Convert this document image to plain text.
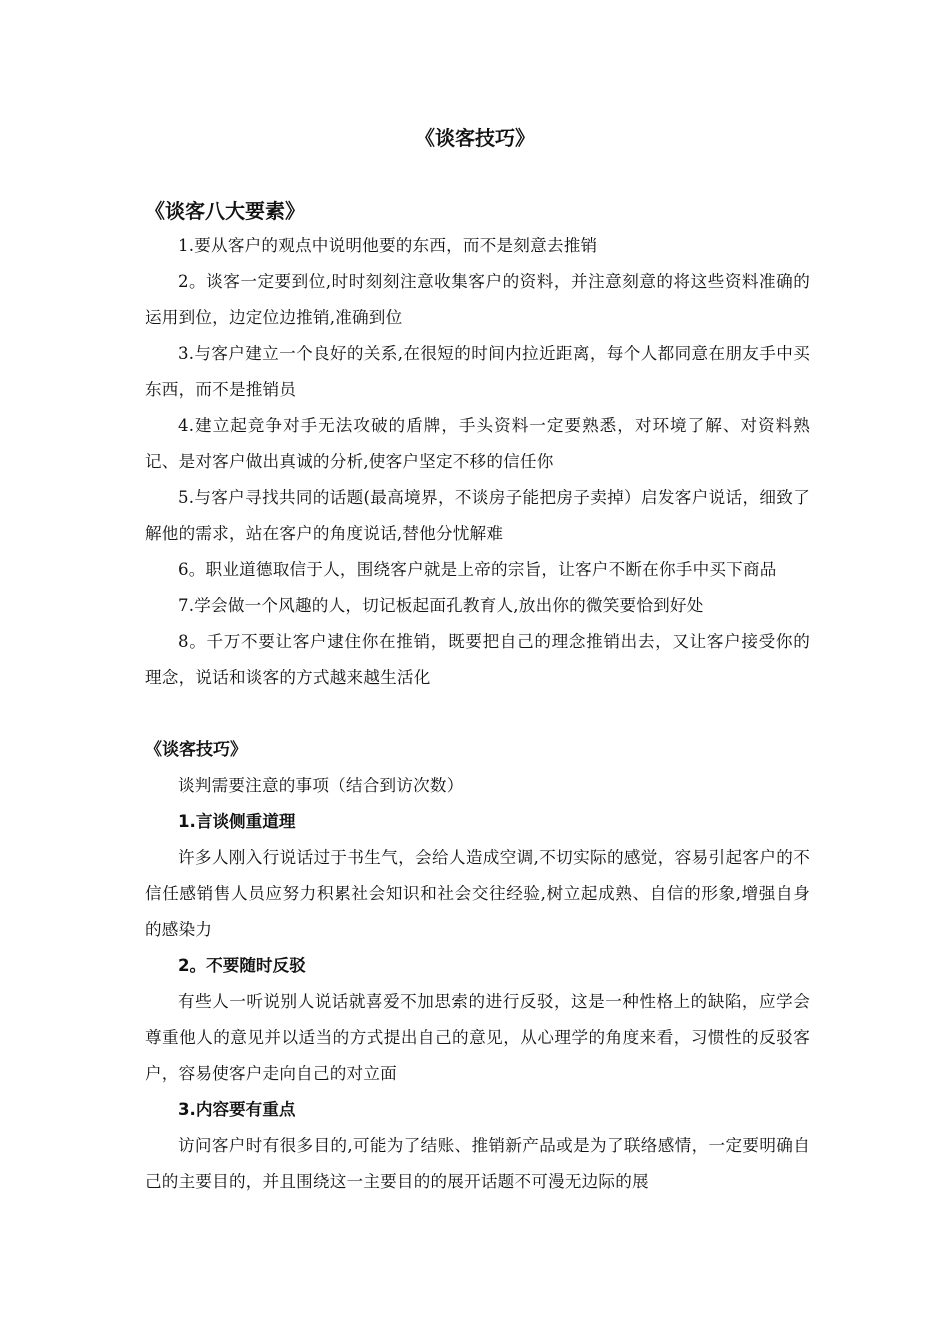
《谈客技巧》
《谈客八大要素》

1.要从客户的观点中说明他要的东西，而不是刻意去推销

2。谈客一定要到位,时时刻刻注意收集客户的资料，并注意刻意的将这些资料准确的运用到位，边定位边推销,准确到位

3.与客户建立一个良好的关系,在很短的时间内拉近距离，每个人都同意在朋友手中买东西，而不是推销员

4.建立起竞争对手无法攻破的盾牌，手头资料一定要熟悉，对环境了解、对资料熟记、是对客户做出真诚的分析,使客户坚定不移的信任你

5.与客户寻找共同的话题(最高境界，不谈房子能把房子卖掉）启发客户说话，细致了解他的需求，站在客户的角度说话,替他分忧解难

6。职业道德取信于人，围绕客户就是上帝的宗旨，让客户不断在你手中买下商品

7.学会做一个风趣的人，切记板起面孔教育人,放出你的微笑要恰到好处

8。千万不要让客户逮住你在推销，既要把自己的理念推销出去，又让客户接受你的理念，说话和谈客的方式越来越生活化

《谈客技巧》

谈判需要注意的事项（结合到访次数）

1.言谈侧重道理

许多人刚入行说话过于书生气，会给人造成空调,不切实际的感觉，容易引起客户的不信任感销售人员应努力积累社会知识和社会交往经验,树立起成熟、自信的形象,增强自身的感染力

2。不要随时反驳

有些人一听说别人说话就喜爱不加思索的进行反驳，这是一种性格上的缺陷，应学会尊重他人的意见并以适当的方式提出自己的意见，从心理学的角度来看，习惯性的反驳客户，容易使客户走向自己的对立面

3.内容要有重点

访问客户时有很多目的,可能为了结账、推销新产品或是为了联络感情，一定要明确自己的主要目的，并且围绕这一主要目的的展开话题不可漫无边际的展
